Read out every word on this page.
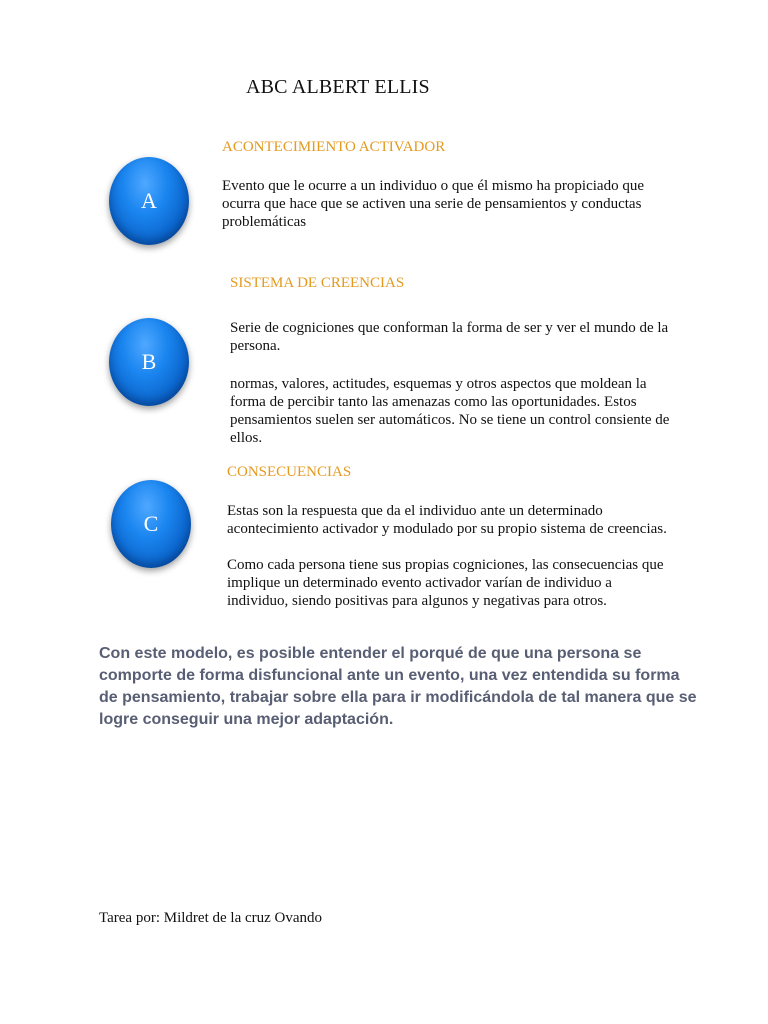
ABC ALBERT ELLIS
A
ACONTECIMIENTO ACTIVADOR

Evento que le ocurre a un individuo o que él mismo ha propiciado que ocurra que hace que se activen una serie de pensamientos y conductas problemáticas

B
SISTEMA DE CREENCIAS

Serie de cogniciones que conforman la forma de ser y ver el mundo de la persona.

normas, valores, actitudes, esquemas y otros aspectos que moldean la forma de percibir tanto las amenazas como las oportunidades. Estos pensamientos suelen ser automáticos. No se tiene un control consiente de ellos.

C
CONSECUENCIAS

Estas son la respuesta que da el individuo ante un determinado acontecimiento activador y modulado por su propio sistema de creencias.

Como cada persona tiene sus propias cogniciones, las consecuencias que implique un determinado evento activador varían de individuo a individuo, siendo positivas para algunos y negativas para otros.

Con este modelo, es posible entender el porqué de que una persona se comporte de forma disfuncional ante un evento, una vez entendida su forma de pensamiento, trabajar sobre ella para ir modificándola de tal manera que se logre conseguir una mejor adaptación.

Tarea por: Mildret de la cruz Ovando
